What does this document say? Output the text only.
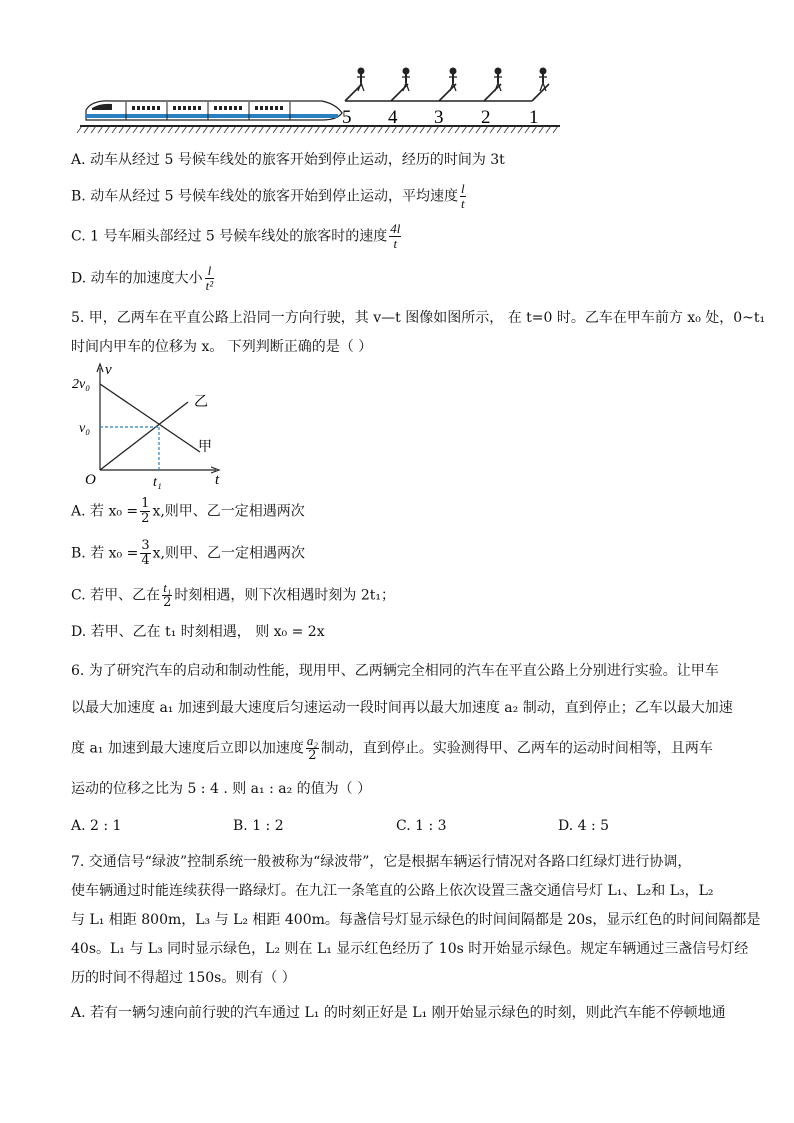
5 4 3 2 1
A. 动车从经过 5 号候车线处的旅客开始到停止运动，经历的时间为 3t
B. 动车从经过 5 号候车线处的旅客开始到停止运动，平均速度 $\frac{l}{t}$
C. 1 号车厢头部经过 5 号候车线处的旅客时的速度 $\frac{4l}{t}$
D. 动车的加速度大小 $\frac{l}{\text{t²}}$
5. 甲，乙两车在平直公路上沿同一方向行驶，其 v—t 图像如图所示， 在 t=0 时。乙车在甲车前方 x₀ 处，0~t₁
时间内甲车的位移为 x。 下列判断正确的是（ ）
v
t
O
2v₀
v₀
t₁
乙
甲
A. 若 $x_0 = \frac{1}{2} x$,则甲、乙一定相遇两次
B. 若 $x_0 = \frac{3}{4} x$,则甲、乙一定相遇两次
C. 若甲、乙在 $\frac{\text{t₁}}{2}$ 时刻相遇，则下次相遇时刻为 2t₁；
D. 若甲、乙在 t₁ 时刻相遇， 则 x₀ = 2x
6. 为了研究汽车的启动和制动性能，现用甲、乙两辆完全相同的汽车在平直公路上分别进行实验。让甲车
以最大加速度 a₁ 加速到最大速度后匀速运动一段时间再以最大加速度 a₂ 制动，直到停止；乙车以最大加速
度 a₁ 加速到最大速度后立即以加速度 $\frac{\text{a₂}}{2}$ 制动，直到停止。实验测得甲、乙两车的运动时间相等，且两车
运动的位移之比为 5 : 4 . 则 a₁ : a₂ 的值为（ ）
A. 2 : 1	B. 1 : 2	C. 1 : 3	D. 4 : 5
7. 交通信号“绿波”控制系统一般被称为“绿波带”，它是根据车辆运行情况对各路口红绿灯进行协调，
使车辆通过时能连续获得一路绿灯。在九江一条笔直的公路上依次设置三盏交通信号灯 L₁、L₂和 L₃，L₂
与 L₁ 相距 800m，L₃ 与 L₂ 相距 400m。每盏信号灯显示绿色的时间间隔都是 20s，显示红色的时间间隔都是
40s。L₁ 与 L₃ 同时显示绿色，L₂ 则在 L₁ 显示红色经历了 10s 时开始显示绿色。规定车辆通过三盏信号灯经
历的时间不得超过 150s。则有（ ）
A. 若有一辆匀速向前行驶的汽车通过 L₁ 的时刻正好是 L₁ 刚开始显示绿色的时刻，则此汽车能不停顿地通
